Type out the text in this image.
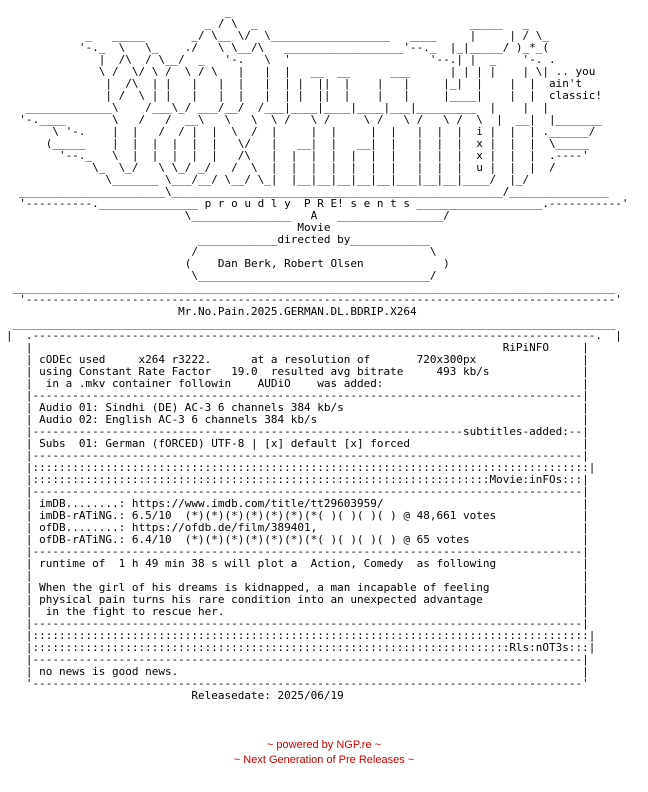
_
_ / \  _                                _____   _
_   _____       _/ \__ \/  \__________________   ____     |     | / \_
'-._  \   \_    ./   \ \__/\   __________________'--._  |_|_____/ )_*_(
|  /\  / \__/  _   '-.   \  '                     '--.| |  _    '-. .
\ /  \/ \ /  \ / \   |   |  |   __  __      ___      | | | |    | \| .. you
|  /\  | |   |   |  |   |  | |  ||  |    |   |     |_|  |    |  |  ain't
| /  \ | |   |   |  |   |  | |  ||  |    |   |     |____|    |  |  classic!
_____________\    /___\_/ ___/__/  /___|____|____|____|___|_________  |    |  |
'-.____       \   /   /  __\   \   \  \ /   \ /     \ /   \ /   \ /  \  |  __|  |_______
\ '-.    |  |   /  / |  |  \  /  |     |  |     |  |   |  |  |  i |  |  | .______/
(_____    |  |  |  |  |  |   \/   |   __|  |   __|  |   |  |  |  x |  |  |  \_____
'--._   \  |  |  |  |  |   /\   |  |  |  |  |  |  |   |  |  |  x |  |  |  .----'
\_  \_/   \ \_/ _/   /  \  |  |  |  |  |  |  |   |  |  |  u |  |  |  /
\_______ \___/__/ \__/ \_|  |__|__|__|__|__|___|__|__|____/  |_/
______________________\__________________________________________________/_______________
'----------._______________ p r o u d l y  P R E! s e n t s ___________________.-----------'
\_______________   A   ________________/
Movie
____________directed by____________
/                                   \
(    Dan Berk, Robert Olsen            )
\___________________________________/
___________________________________________________________________________________________
'-----------------------------------------------------------------------------------------'
Mr.No.Pain.2025.GERMAN.DL.BDRIP.X264
___________________________________________________________________________________________
|  .-------------------------------------------------------------------------------------.  |
|                                                                       RiPiNFO     |
| cODEc used     x264 r3222.      at a resolution of       720x300px                |
| using Constant Rate Factor   19.0  resulted avg bitrate     493 kb/s              |
|  in a .mkv container followin    AUDiO    was added:                              |
|-----------------------------------------------------------------------------------|
| Audio 01: Sindhi (DE) AC-3 6 channels 384 kb/s                                    |
| Audio 02: English AC-3 6 channels 384 kb/s                                        |
|-----------------------------------------------------------------subtitles-added:--|
| Subs  01: German (fORCED) UTF-8 | [x] default [x] forced                          |
|-----------------------------------------------------------------------------------|
|::::::::::::::::::::::::::::::::::::::::::::::::::::::::::::::::::::::::::::::::::::|
|:::::::::::::::::::::::::::::::::::::::::::::::::::::::::::::::::::::Movie:inFOs:::|
|-----------------------------------------------------------------------------------|
| imDB........: https://www.imdb.com/title/tt29603959/                              |
| imDB-rATiNG.: 6.5/10  (*)(*)(*)(*)(*)(*)(*( )( )( )( ) @ 48,661 votes             |
| ofDB........: https://ofdb.de/film/389401,                                        |
| ofDB-rATiNG.: 6.4/10  (*)(*)(*)(*)(*)(*)(*( )( )( )( ) @ 65 votes                 |
|-----------------------------------------------------------------------------------|
| runtime of  1 h 49 min 38 s will plot a  Action, Comedy  as following             |
|                                                                                   |
| When the girl of his dreams is kidnapped, a man incapable of feeling              |
| physical pain turns his rare condition into an unexpected advantage               |
|  in the fight to rescue her.                                                      |
|-----------------------------------------------------------------------------------|
|::::::::::::::::::::::::::::::::::::::::::::::::::::::::::::::::::::::::::::::::::::|
|::::::::::::::::::::::::::::::::::::::::::::::::::::::::::::::::::::::::Rls:nOT3s:::|
|-----------------------------------------------------------------------------------|
| no news is good news.                                                             |
'-----------------------------------------------------------------------------------'
Releasedate: 2025/06/19
~ powered by NGP.re ~
~ Next Generation of Pre Releases ~
